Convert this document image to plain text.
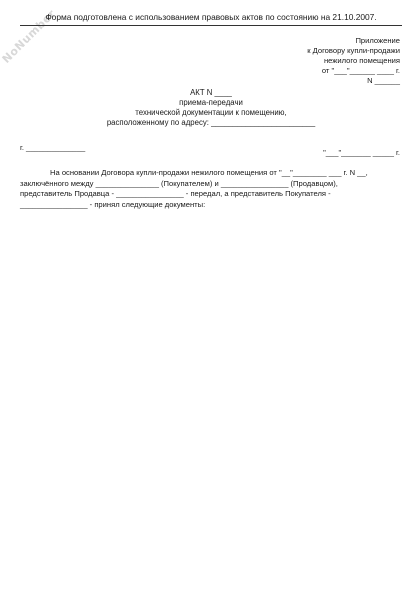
NoNumber
Форма подготовлена с использованием правовых актов по состоянию на 21.10.2007.
Приложение
к Договору купли-продажи
нежилого помещения
от "___"______ ____ г.
N ______
АКТ N ____
приема-передачи
технической документации к помещению,
расположенному по адресу: ________________________
г. ______________
"___"_______ _____ г.
На основании Договора купли-продажи нежилого помещения от "__"________ ___ г. N __,
заключённого между _______________ (Покупателем) и ________________ (Продавцом),
представитель Продавца - ________________ - передал, а представитель Покупателя -
________________ - принял следующие документы:
